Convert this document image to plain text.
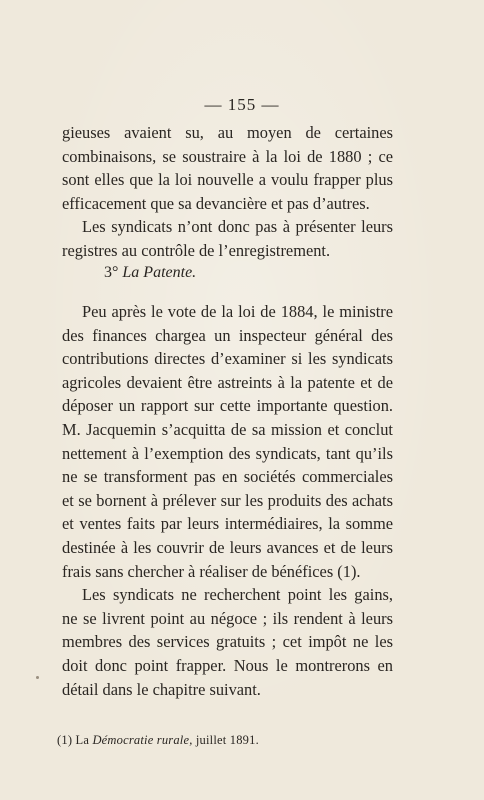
— 155 —

gieuses avaient su, au moyen de certaines combinaisons, se soustraire à la loi de 1880 ; ce sont elles que la loi nouvelle a voulu frapper plus efficacement que sa devancière et pas d’autres.

Les syndicats n’ont donc pas à présenter leurs registres au contrôle de l’enregistrement.

3° La Patente.

Peu après le vote de la loi de 1884, le ministre des finances chargea un inspecteur général des contributions directes d’examiner si les syndicats agricoles devaient être astreints à la patente et de déposer un rapport sur cette importante question. M. Jacquemin s’acquitta de sa mission et conclut nettement à l’exemption des syndicats, tant qu’ils ne se transforment pas en sociétés commerciales et se bornent à prélever sur les produits des achats et ventes faits par leurs intermédiaires, la somme destinée à les couvrir de leurs avances et de leurs frais sans chercher à réaliser de bénéfices (1).

Les syndicats ne recherchent point les gains, ne se livrent point au négoce ; ils rendent à leurs membres des services gratuits ; cet impôt ne les doit donc point frapper. Nous le montrerons en détail dans le chapitre suivant.

(1) La Démocratie rurale, juillet 1891.
